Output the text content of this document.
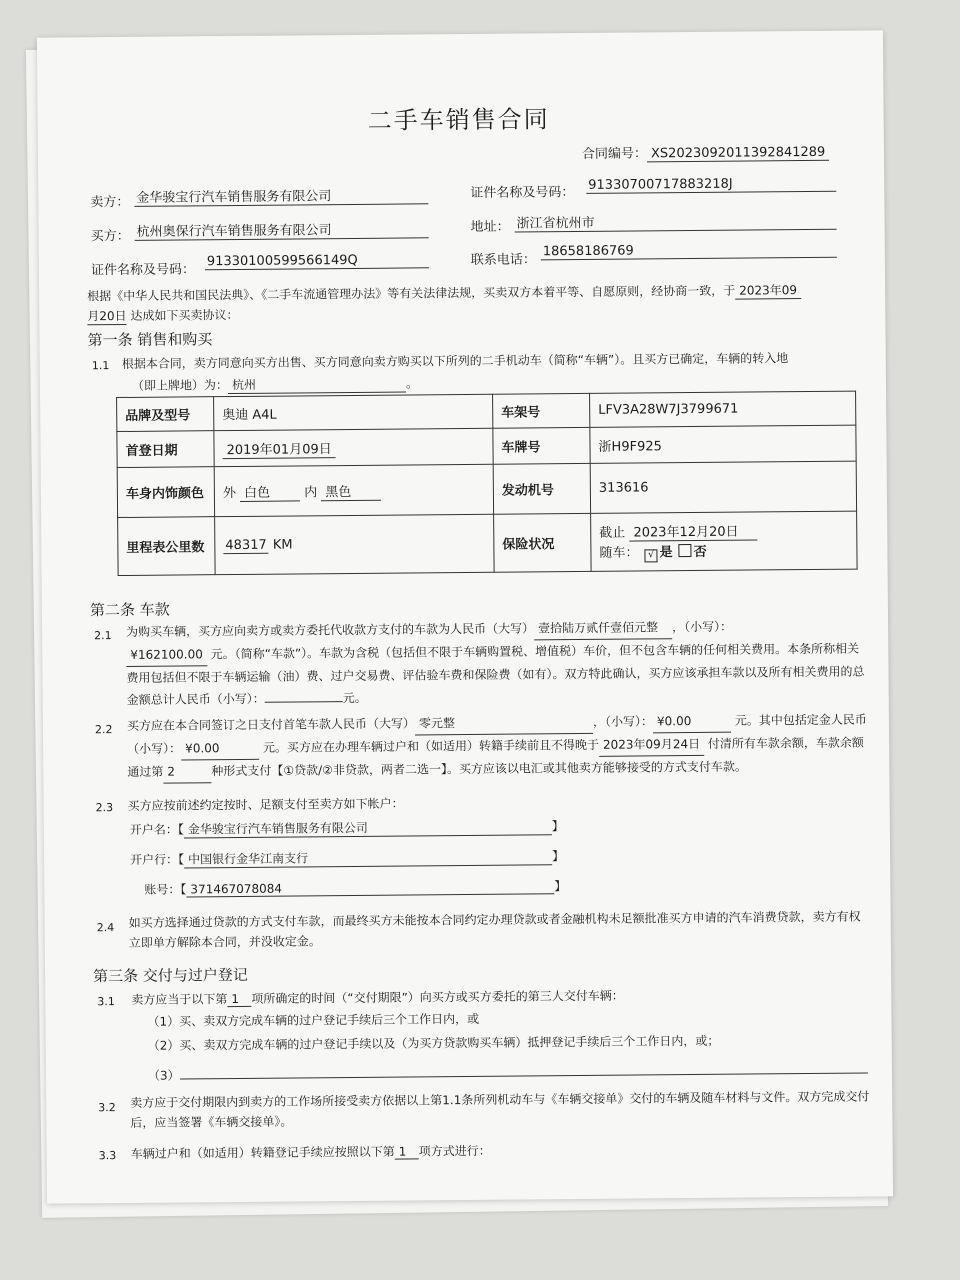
二手车销售合同
合同编号： XS2023092011392841289
卖方： 金华骏宝行汽车销售服务有限公司	证件名称及号码：
91330700717883218J
买方： 杭州奥保行汽车销售服务有限公司	地址： 浙江省杭州市
证件名称及号码：
91330100599566149Q	联系电话：
18658186769
根据《中华人民共和国民法典》、《二手车流通管理办法》等有关法律法规，买卖双方本着平等、自愿原则，经协商一致，于 2023年09
月20日 达成如下买卖协议：
第一条 销售和购买
1.1 根据本合同，卖方同意向买方出售、买方同意向卖方购买以下所列的二手机动车（简称“车辆”）。且买方已确定，车辆的转入地
（即上牌地）为： 杭州	。
品牌及型号	奥迪 A4L	车架号	LFV3A28W7J3799671
首登日期	2019年01月09日	车牌号	浙H9F925
车身内饰颜色	外 白色 内 黑色	发动机号	313616
里程表公里数	48317 KM	保险状况	截止 2023年12月20日
随车： √ 是 否
第二条 车款
2.1 为购买车辆，买方应向卖方或卖方委托代收款方支付的车款为人民币（大写） 壹拾陆万贰仟壹佰元整 ，（小写）：
¥162100.00 元。（简称“车款”）。车款为含税（包括但不限于车辆购置税、增值税）车价，但不包含车辆的任何相关费用。本条所称相关费用包括但不限于车辆运输（油）费、过户交易费、评估验车费和保险费（如有）。双方特此确认，买方应该承担车款以及所有相关费用的总金额总计人民币（小写）：	元。
2.2 买方应在本合同签订之日支付首笔车款人民币（大写） 零元整	，（小写）： ¥0.00	元。其中包括定金人民币（小写）： ¥0.00	元。买方应在办理车辆过户和（如适用）转籍手续前且不得晚于 2023年09月24日 付清所有车款余额，车款余额通过第 2	种形式支付【①贷款/②非贷款，两者二选一】。买方应该以电汇或其他卖方能够接受的方式支付车款。
2.3 买方应按前述约定按时、足额支付至卖方如下帐户：
开户名：【 金华骏宝行汽车销售服务有限公司	】
开户行：【 中国银行金华江南支行	】
账号：【 371467078084	】
2.4 如买方选择通过贷款的方式支付车款，而最终买方未能按本合同约定办理贷款或者金融机构未足额批准买方申请的汽车消费贷款，卖方有权立即单方解除本合同，并没收定金。
第三条 交付与过户登记
3.1 卖方应当于以下第 1 项所确定的时间（“交付期限”）向买方或买方委托的第三人交付车辆：
（1）买、卖双方完成车辆的过户登记手续后三个工作日内，或
（2）买、卖双方完成车辆的过户登记手续以及（为买方贷款购买车辆）抵押登记手续后三个工作日内，或；
（3）
3.2 卖方应于交付期限内到卖方的工作场所接受卖方依据以上第1.1条所列机动车与《车辆交接单》交付的车辆及随车材料与文件。双方完成交付后，应当签署《车辆交接单》。
3.3 车辆过户和（如适用）转籍登记手续应按照以下第 1 项方式进行：
